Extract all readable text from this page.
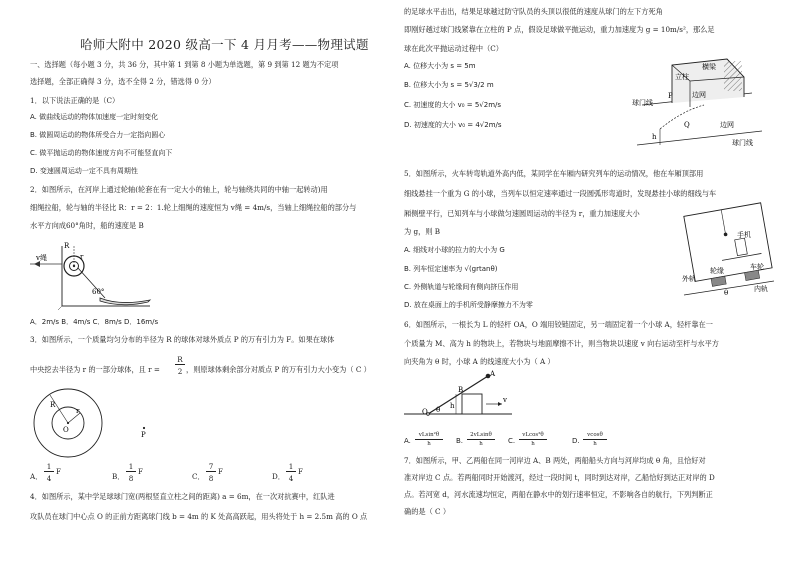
哈师大附中 2020 级高一下 4 月月考——物理试题
一、选择题（每小题 3 分，共 36 分，其中第 1 到第 8 小题为单选题，第 9 到第 12 题为不定项
选择题，全部正确得 3 分，选不全得 2 分，错选得 0 分）
1．以下说法正确的是（C）
A. 做曲线运动的物体加速度一定时刻变化
B. 做圆周运动的物体所受合力一定指向圆心
C. 做平抛运动的物体速度方向不可能竖直向下
D. 变速圆周运动一定不具有周期性
2．如图所示，在河岸上通过轮轴(轮套在有一定大小的轴上，轮与轴绕共同的中轴一起转动)用
细绳拉船，轮与轴的半径比 R：r = 2：1.轮上细绳的速度恒为 v绳 = 4m/s，当轴上细绳拉船的部分与
水平方向成60°角时，船的速度是 B
R
r
v绳
60°
A．2m/s B．4m/s C．8m/s D．16m/s
3．如图所示，一个质量均匀分布的半径为 R 的球体对球外质点 P 的万有引力为 F。如果在球体
中央挖去半径为 r 的一部分球体，且 r =
R
2 ，则原球体剩余部分对质点 P 的万有引力大小变为（ C ）
R
O
r
P
A．
1
4
F
B．
1
8
F
C．
7
8
F
D．
1
4
F
4．如图所示，某中学足球球门宽(两根竖直立柱之间的距离) a = 6m，在一次对抗赛中，红队进
攻队员在球门中心点 O 的正前方距离球门线 b = 4m 的 K 处高高跃起，用头将处于 h = 2.5m 高的 O 点
的足球水平击出，结果足球越过防守队员的头顶以很低的速度从球门的左下方死角
即刚好越过球门线紧靠在立柱的 P 点，假设足球做平抛运动，重力加速度为 g = 10m/s²，那么足
球在此次平抛运动过程中（C）
A. 位移大小为 s = 5m
B. 位移大小为 s = 5√3/2 m
C. 初速度的大小 v₀ = 5√2m/s
D. 初速度的大小 v₀ = 4√2m/s
立柱
横梁
P	边网
球门线
h
Q	边网
球门线
5．如图所示，火车转弯轨道外高内低，某同学在车厢内研究列车的运动情况，他在车厢顶部用
细线悬挂一个重为 G 的小球，当列车以恒定速率通过一段圆弧形弯道时，发现悬挂小球的细线与车
厢侧壁平行，已知列车与小球做匀速圆周运动的半径为 r，重力加速度大小
为 g，则 B
A. 细线对小球的拉力的大小为 G
B. 列车恒定速率为 √(grtanθ)
C. 外侧轨道与轮缘间有侧向挤压作用
D. 放在桌面上的手机所受静摩擦力不为零
手机
外轨
轮缘	车轮
内轨
θ
6．如图所示，一根长为 L 的轻杆 OA，O 端用铰链固定，另一端固定着一个小球 A，轻杆靠在一
个质量为 M、高为 h 的物块上，若物块与地面摩擦不计，则当物块以速度 v 向右运动至杆与水平方
向夹角为 θ 时，小球 A 的线速度大小为（ A ）
A
B
O
h
θ
v
A.
vLsin²θ
h	B.
2vLsinθ
h	C.
vLcos²θ
h	D.
vcosθ
h
7．如图所示，甲、乙两船在同一河岸边 A、B 两处，两船船头方向与河岸均成 θ 角，且恰好对
准对岸边 C 点。若两船同时开始渡河，经过一段时间 t，同时到达对岸，乙船恰好到达正对岸的 D
点。若河宽 d，河水流速均恒定，两船在静水中的划行速率恒定，不影响各自的航行，下列判断正
确的是（ C ）
